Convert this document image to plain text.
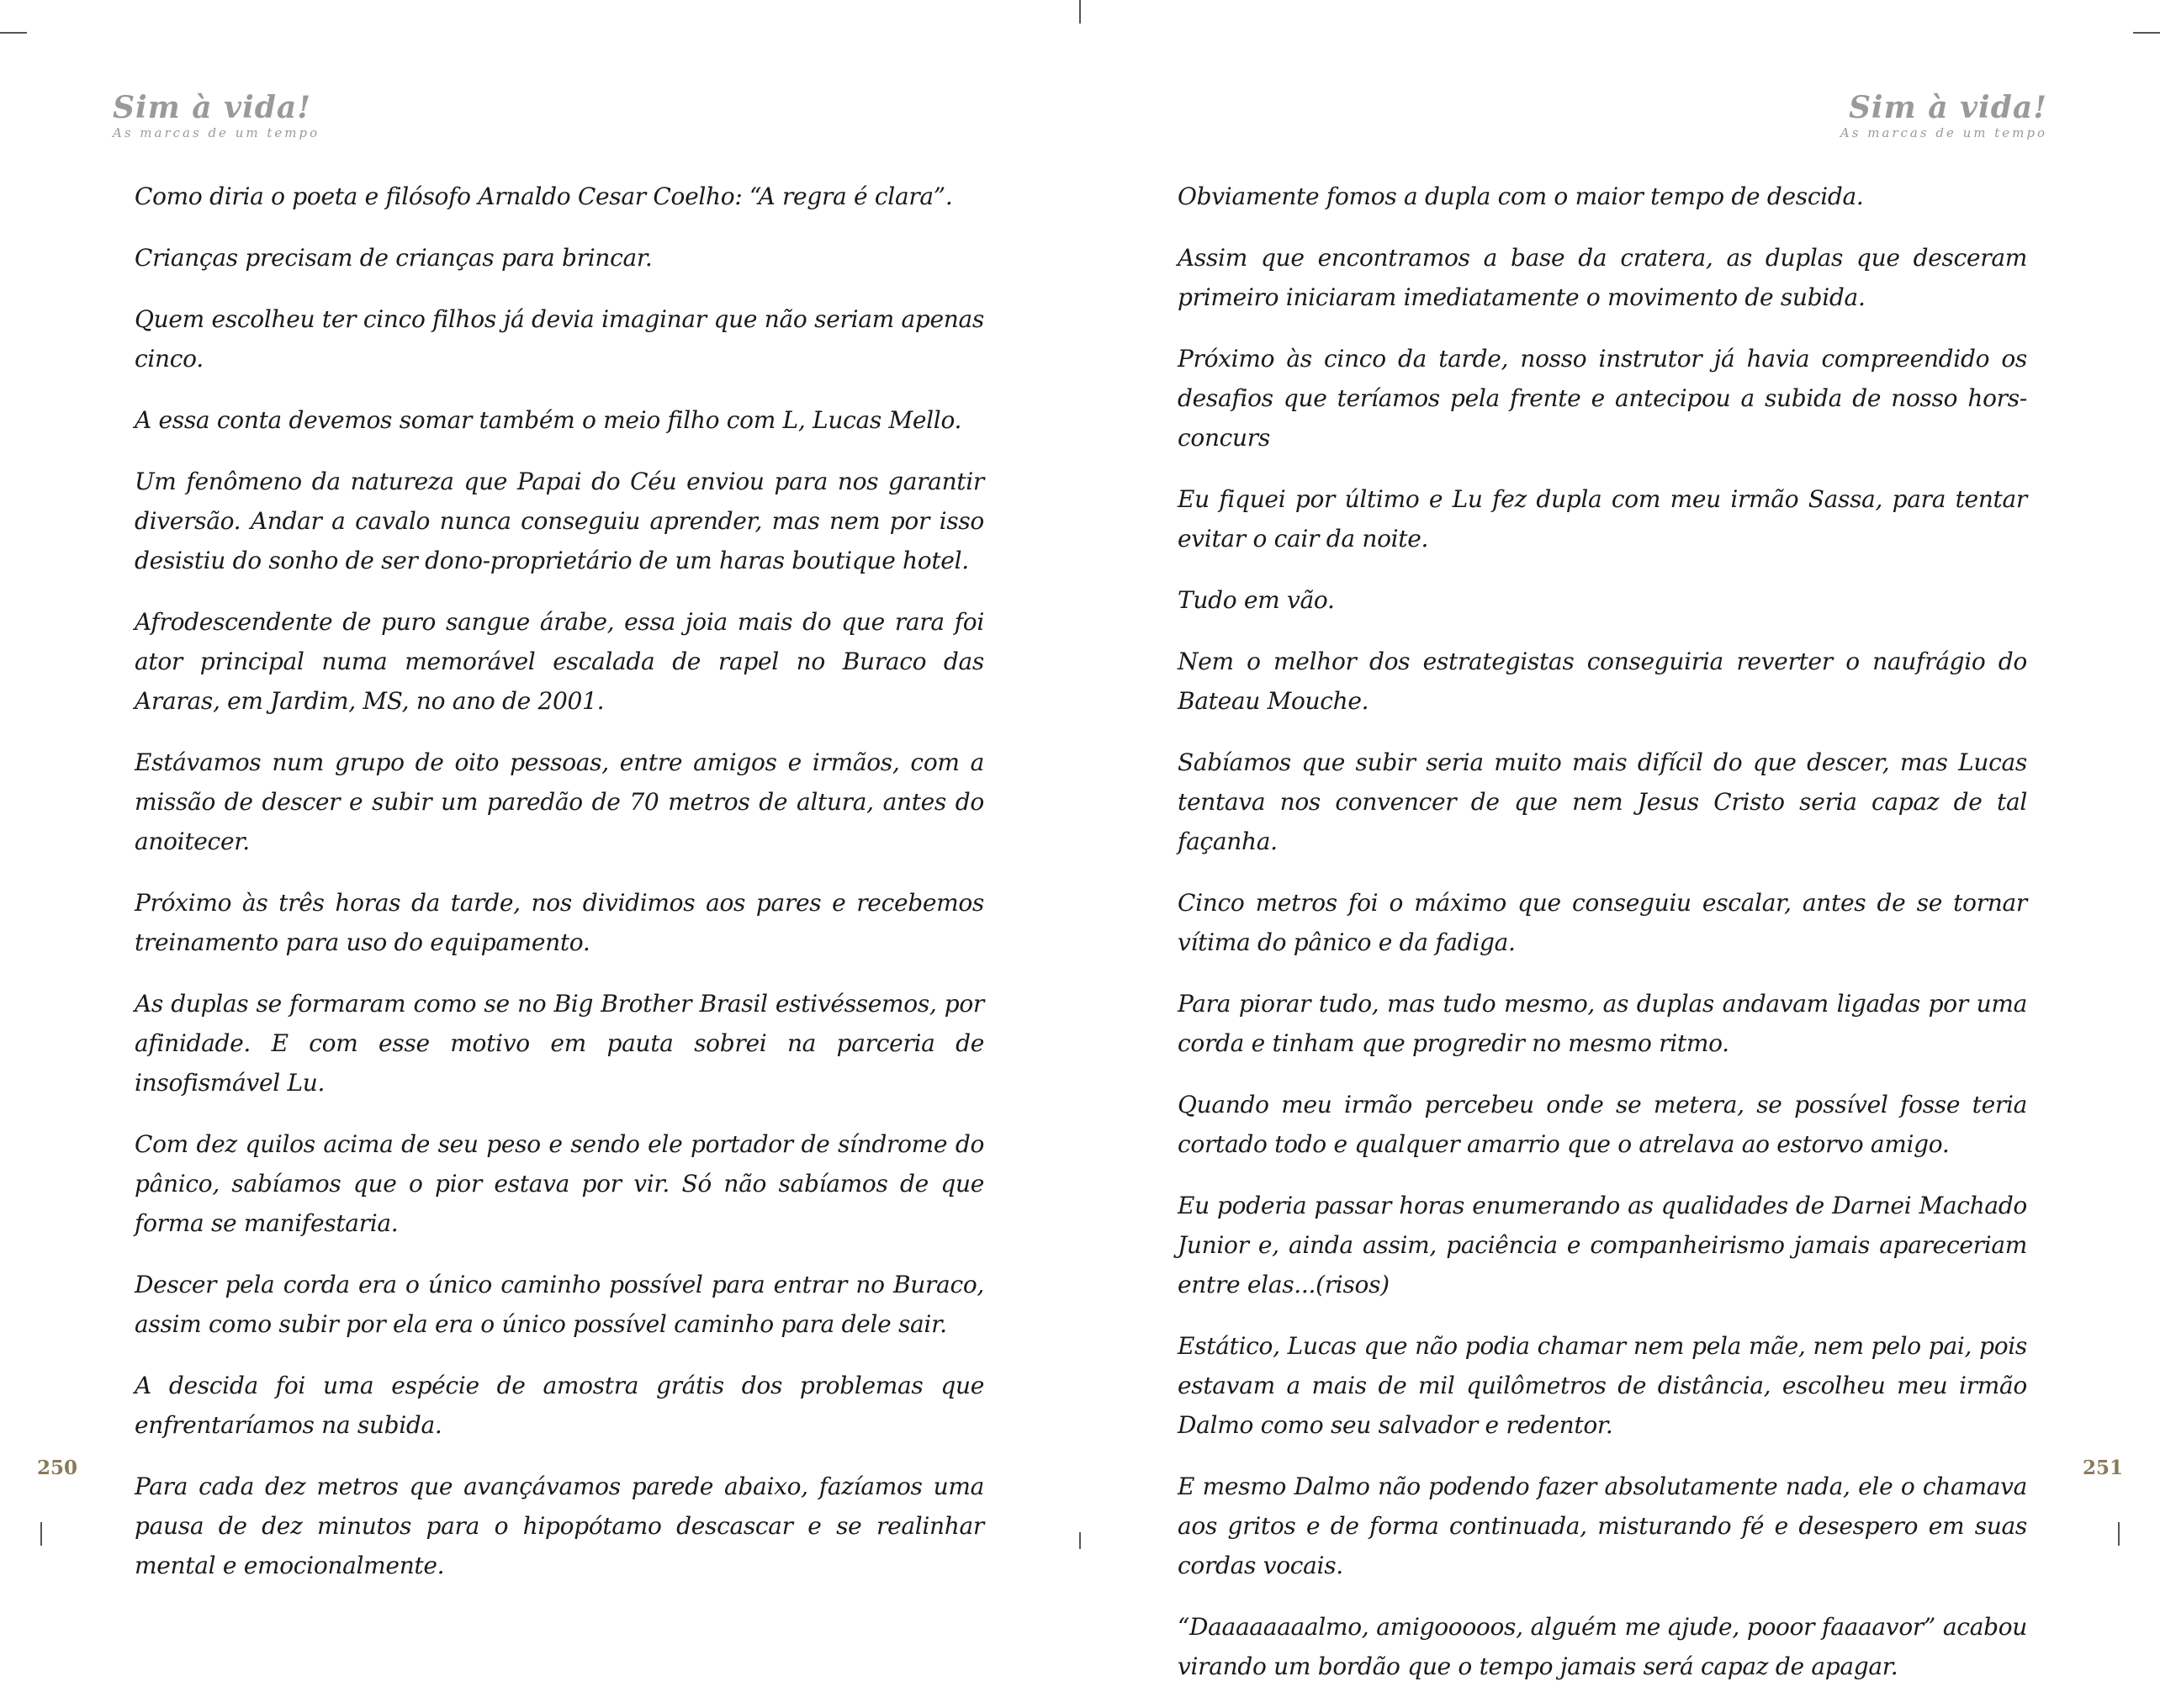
Sim à vida!
As marcas de um tempo

Como diria o poeta e filósofo Arnaldo Cesar Coelho: “A regra é clara”.

Crianças precisam de crianças para brincar.

Quem escolheu ter cinco filhos já devia imaginar que não seriam apenas cinco.

A essa conta devemos somar também o meio filho com L, Lucas Mello.

Um fenômeno da natureza que Papai do Céu enviou para nos garantir diversão. Andar a cavalo nunca conseguiu aprender, mas nem por isso desistiu do sonho de ser dono-proprietário de um haras boutique hotel.

Afrodescendente de puro sangue árabe, essa joia mais do que rara foi ator principal numa memorável escalada de rapel no Buraco das Araras, em Jardim, MS, no ano de 2001.

Estávamos num grupo de oito pessoas, entre amigos e irmãos, com a missão de descer e subir um paredão de 70 metros de altura, antes do anoitecer.

Próximo às três horas da tarde, nos dividimos aos pares e recebemos treinamento para uso do equipamento.

As duplas se formaram como se no Big Brother Brasil estivéssemos, por afinidade. E com esse motivo em pauta sobrei na parceria de insofismável Lu.

Com dez quilos acima de seu peso e sendo ele portador de síndrome do pânico, sabíamos que o pior estava por vir. Só não sabíamos de que forma se manifestaria.

Descer pela corda era o único caminho possível para entrar no Buraco, assim como subir por ela era o único possível caminho para dele sair.

A descida foi uma espécie de amostra grátis dos problemas que enfrentaríamos na subida.

Para cada dez metros que avançávamos parede abaixo, fazíamos uma pausa de dez minutos para o hipopótamo descascar e se realinhar mental e emocionalmente.

250
Sim à vida!
As marcas de um tempo

Obviamente fomos a dupla com o maior tempo de descida.

Assim que encontramos a base da cratera, as duplas que desceram primeiro iniciaram imediatamente o movimento de subida.

Próximo às cinco da tarde, nosso instrutor já havia compreendido os desafios que teríamos pela frente e antecipou a subida de nosso hors-concurs

Eu fiquei por último e Lu fez dupla com meu irmão Sassa, para tentar evitar o cair da noite.

Tudo em vão.

Nem o melhor dos estrategistas conseguiria reverter o naufrágio do Bateau Mouche.

Sabíamos que subir seria muito mais difícil do que descer, mas Lucas tentava nos convencer de que nem Jesus Cristo seria capaz de tal façanha.

Cinco metros foi o máximo que conseguiu escalar, antes de se tornar vítima do pânico e da fadiga.

Para piorar tudo, mas tudo mesmo, as duplas andavam ligadas por uma corda e tinham que progredir no mesmo ritmo.

Quando meu irmão percebeu onde se metera, se possível fosse teria cortado todo e qualquer amarrio que o atrelava ao estorvo amigo.

Eu poderia passar horas enumerando as qualidades de Darnei Machado Junior e, ainda assim, paciência e companheirismo jamais apareceriam entre elas...(risos)

Estático, Lucas que não podia chamar nem pela mãe, nem pelo pai, pois estavam a mais de mil quilômetros de distância, escolheu meu irmão Dalmo como seu salvador e redentor.

E mesmo Dalmo não podendo fazer absolutamente nada, ele o chamava aos gritos e de forma continuada, misturando fé e desespero em suas cordas vocais.

“Daaaaaaaalmo, amigooooos, alguém me ajude, pooor faaaavor” acabou virando um bordão que o tempo jamais será capaz de apagar.

251
